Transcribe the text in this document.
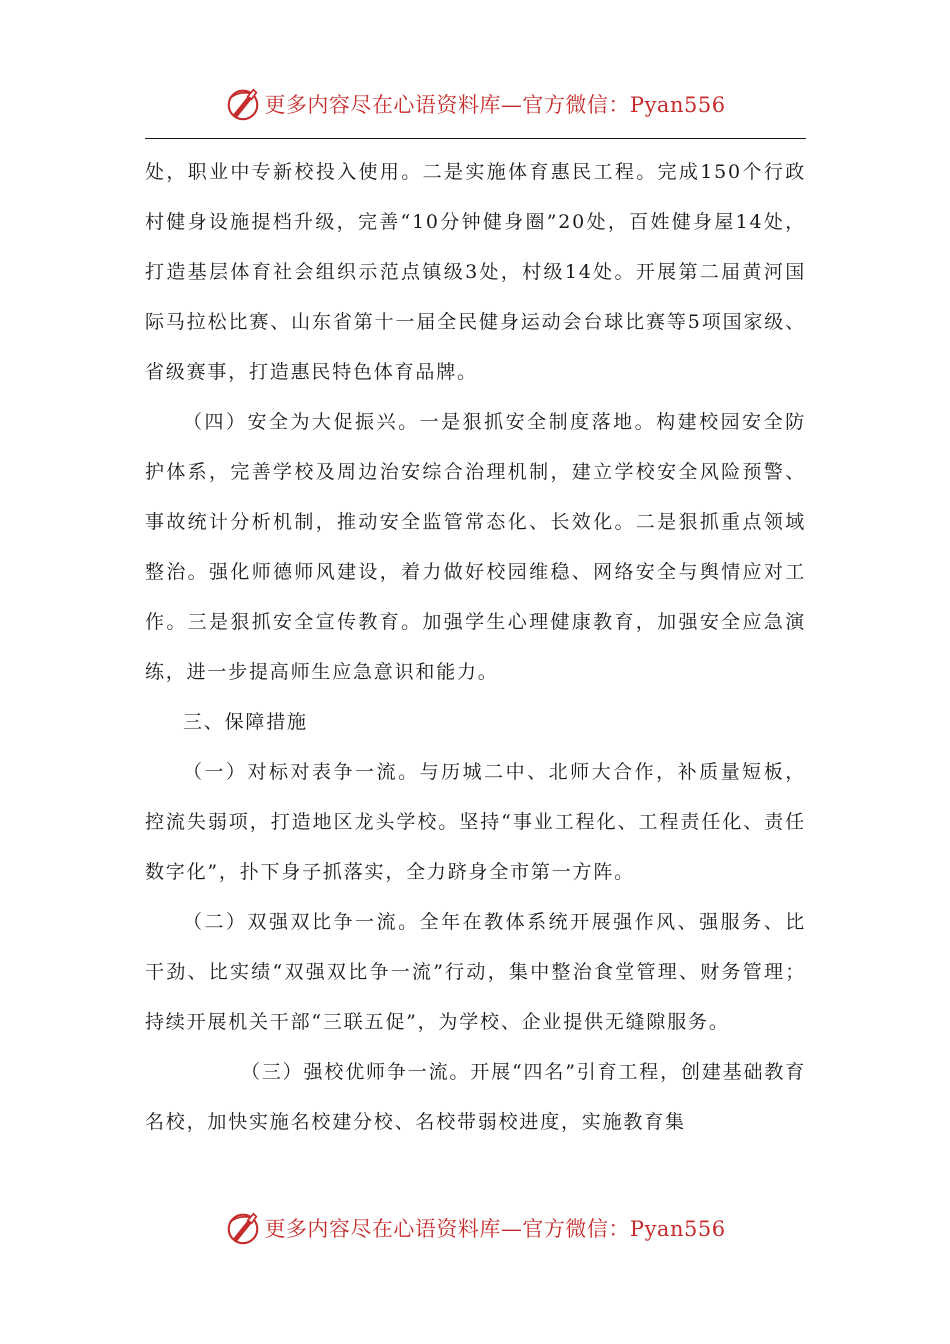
更多内容尽在心语资料库—官方微信：Pyan556

处，职业中专新校投入使用。二是实施体育惠民工程。完成150个行政村健身设施提档升级，完善“10分钟健身圈”20处，百姓健身屋14处，打造基层体育社会组织示范点镇级3处，村级14处。开展第二届黄河国际马拉松比赛、山东省第十一届全民健身运动会台球比赛等5项国家级、省级赛事，打造惠民特色体育品牌。

（四）安全为大促振兴。一是狠抓安全制度落地。构建校园安全防护体系，完善学校及周边治安综合治理机制，建立学校安全风险预警、事故统计分析机制，推动安全监管常态化、长效化。二是狠抓重点领域整治。强化师德师风建设，着力做好校园维稳、网络安全与舆情应对工作。三是狠抓安全宣传教育。加强学生心理健康教育，加强安全应急演练，进一步提高师生应急意识和能力。

三、保障措施

（一）对标对表争一流。与历城二中、北师大合作，补质量短板，控流失弱项，打造地区龙头学校。坚持“事业工程化、工程责任化、责任数字化”，扑下身子抓落实，全力跻身全市第一方阵。

（二）双强双比争一流。全年在教体系统开展强作风、强服务、比干劲、比实绩“双强双比争一流”行动，集中整治食堂管理、财务管理；持续开展机关干部“三联五促”，为学校、企业提供无缝隙服务。

（三）强校优师争一流。开展“四名”引育工程，创建基础教育名校，加快实施名校建分校、名校带弱校进度，实施教育集

更多内容尽在心语资料库—官方微信：Pyan556
